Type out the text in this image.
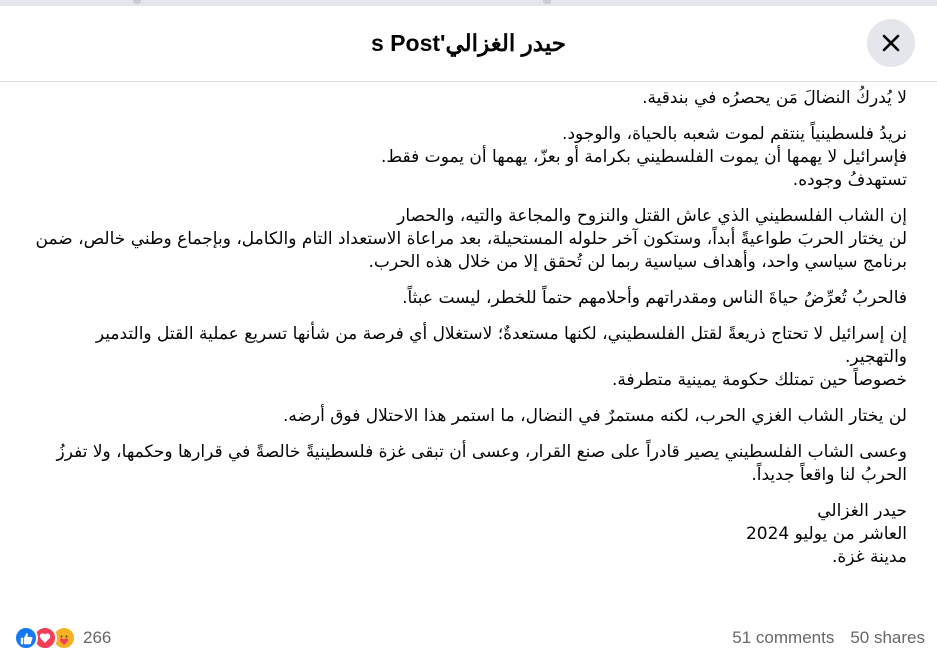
حيدر الغزالي's Post
لا يُدركُ النضالَ مَن يحصرُه في بندقية.
نريدُ فلسطينياً ينتقم لموت شعبه بالحياة، والوجود.
فإسرائيل لا يهمها أن يموت الفلسطيني بكرامة أو بعزّ، يهمها أن يموت فقط.
تستهدفُ وجوده.
إن الشاب الفلسطيني الذي عاش القتل والنزوح والمجاعة والتيه، والحصار
لن يختار الحربَ طواعيةً أبداً، وستكون آخر حلوله المستحيلة، بعد مراعاة الاستعداد التام والكامل، وبإجماع وطني خالص، ضمن برنامج سياسي واحد، وأهداف سياسية ربما لن تُحقق إلا من خلال هذه الحرب.
فالحربُ تُعرِّضُ حياةَ الناس ومقدراتهم وأحلامهم حتماً للخطر، ليست عبثاً.
إن إسرائيل لا تحتاج ذريعةً لقتل الفلسطيني، لكنها مستعدةٌ؛ لاستغلال أي فرصة من شأنها تسريع عملية القتل والتدمير والتهجير.
خصوصاً حين تمتلك حكومة يمينية متطرفة.
لن يختار الشاب الغزي الحرب، لكنه مستمرٌ في النضال، ما استمر هذا الاحتلال فوق أرضه.
وعسى الشاب الفلسطيني يصير قادراً على صنع القرار، وعسى أن تبقى غزة فلسطينيةً خالصةً في قرارها وحكمها، ولا تفرزُ الحربُ لنا واقعاً جديداً.
حيدر الغزالي
العاشر من يوليو 2024
مدينة غزة.
266	51 comments 50 shares
